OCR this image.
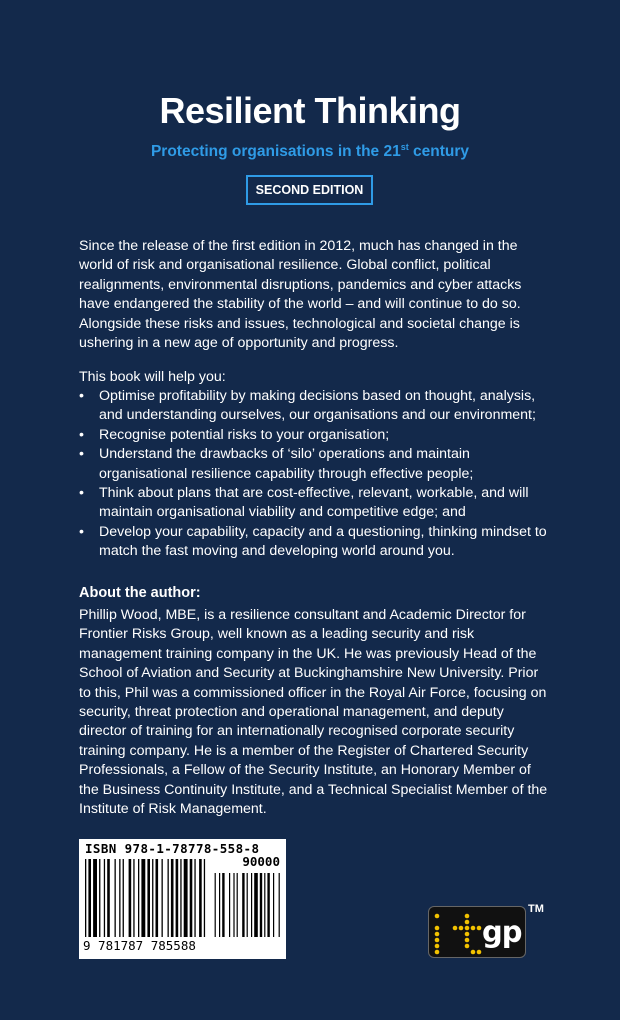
Resilient Thinking

Protecting organisations in the 21st century

SECOND EDITION

Since the release of the first edition in 2012, much has changed in the world of risk and organisational resilience. Global conflict, political realignments, environmental disruptions, pandemics and cyber attacks have endangered the stability of the world – and will continue to do so. Alongside these risks and issues, technological and societal change is ushering in a new age of opportunity and progress.

This book will help you:

• Optimise profitability by making decisions based on thought, analysis, and understanding ourselves, our organisations and our environment;
• Recognise potential risks to your organisation;
• Understand the drawbacks of ‘silo’ operations and maintain organisational resilience capability through effective people;
• Think about plans that are cost-effective, relevant, workable, and will maintain organisational viability and competitive edge; and
• Develop your capability, capacity and a questioning, thinking mindset to match the fast moving and developing world around you.
About the author:

Phillip Wood, MBE, is a resilience consultant and Academic Director for Frontier Risks Group, well known as a leading security and risk management training company in the UK. He was previously Head of the School of Aviation and Security at Buckinghamshire New University. Prior to this, Phil was a commissioned officer in the Royal Air Force, focusing on security, threat protection and operational management, and deputy director of training for an internationally recognised corporate security training company. He is a member of the Register of Chartered Security Professionals, a Fellow of the Security Institute, an Honorary Member of the Business Continuity Institute, and a Technical Specialist Member of the Institute of Risk Management.

ISBN 978-1-78778-558-8
90000
9 781787 785588	gp
TM
